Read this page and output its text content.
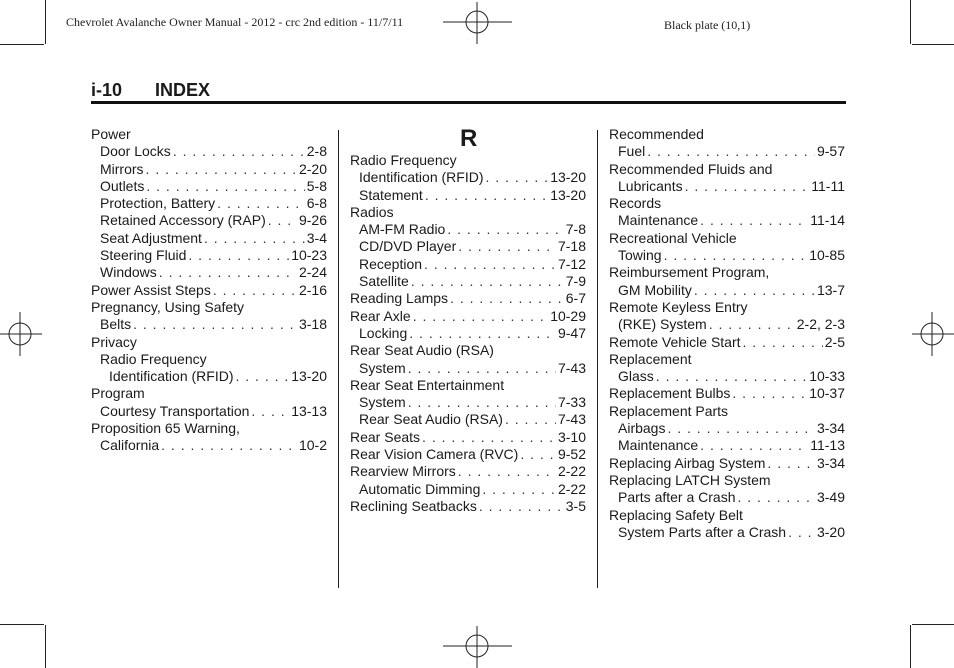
Chevrolet Avalanche Owner Manual - 2012 - crc 2nd edition - 11/7/11	Black plate (10,1)
i-10 INDEX
Power
Door Locks . . .	2-8
Mirrors . . .	2-20
Outlets . . .	5-8
Protection, Battery . . .	6-8
Retained Accessory (RAP) . . . 9-26
Seat Adjustment . . .	3-4
Steering Fluid . . .	10-23
Windows . . .	2-24
Power Assist Steps . . .	2-16
Pregnancy, Using Safety
Belts . . .	3-18
Privacy
Radio Frequency
Identification (RFID) . . .	13-20
Program
Courtesy Transportation . . .	13-13
Proposition 65 Warning,
California . . .	10-2
R
Radio Frequency
Identification (RFID) . . .	13-20
Statement . . .	13-20
Radios
AM-FM Radio . . .	7-8
CD/DVD Player . . .	7-18
Reception . . .	7-12
Satellite . . .	7-9
Reading Lamps . . .	6-7
Rear Axle . . .	10-29
Locking . . .	9-47
Rear Seat Audio (RSA)
System . . .	7-43
Rear Seat Entertainment
System . . .	7-33
Rear Seat Audio (RSA) . . .	7-43
Rear Seats . . .	3-10
Rear Vision Camera (RVC) . . .	9-52
Rearview Mirrors . . .	2-22
Automatic Dimming . . .	2-22
Reclining Seatbacks . . .	3-5
Recommended
Fuel . . .	9-57
Recommended Fluids and
Lubricants . . .	11-11
Records
Maintenance . . .	11-14
Recreational Vehicle
Towing . . .	10-85
Reimbursement Program,
GM Mobility . . .	13-7
Remote Keyless Entry
(RKE) System . . .	2-2, 2-3
Remote Vehicle Start . . .	2-5
Replacement
Glass . . .	10-33
Replacement Bulbs . . .	10-37
Replacement Parts
Airbags . . .	3-34
Maintenance . . .	11-13
Replacing Airbag System . . .	3-34
Replacing LATCH System
Parts after a Crash . . .	3-49
Replacing Safety Belt
System Parts after a Crash . . . 3-20
